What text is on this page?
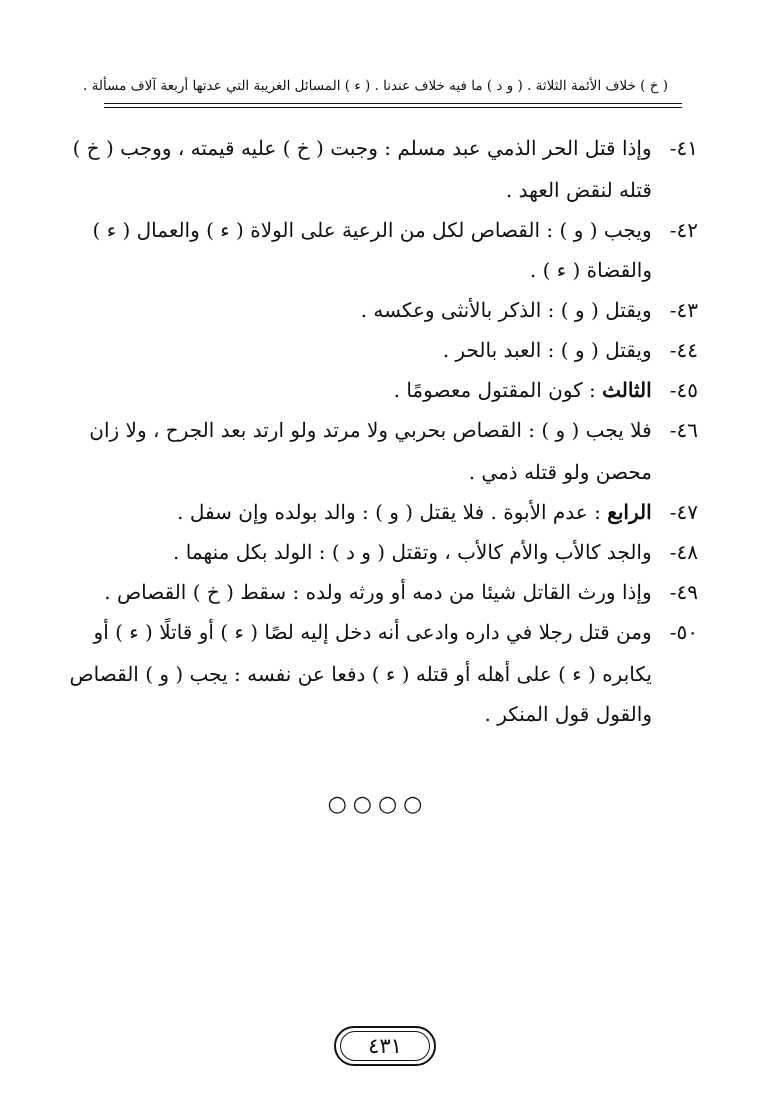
( خ ) خلاف الأئمة الثلاثة . ( و د ) ما فيه خلاف عندنا . ( ء ) المسائل الغريبة التي عدتها أربعة آلاف مسألة .
٤١- وإذا قتل الحر الذمي عبد مسلم : وجبت ( خ ) عليه قيمته ، ووجب ( خ )
قتله لنقض العهد .
٤٢- ويجب ( و ) : القصاص لكل من الرعية على الولاة ( ء ) والعمال ( ء )
والقضاة ( ء ) .
٤٣- ويقتل ( و ) : الذكر بالأنثى وعكسه .
٤٤- ويقتل ( و ) : العبد بالحر .
٤٥- الثالث : كون المقتول معصومًا .
٤٦- فلا يجب ( و ) : القصاص بحربي ولا مرتد ولو ارتد بعد الجرح ، ولا زان
محصن ولو قتله ذمي .
٤٧- الرابع : عدم الأبوة . فلا يقتل ( و ) : والد بولده وإن سفل .
٤٨- والجد كالأب والأم كالأب ، وتقتل ( و د ) : الولد بكل منهما .
٤٩- وإذا ورث القاتل شيئا من دمه أو ورثه ولده : سقط ( خ ) القصاص .
٥٠- ومن قتل رجلا في داره وادعى أنه دخل إليه لصًا ( ء ) أو قاتلًا ( ء ) أو
يكابره ( ء ) على أهله أو قتله ( ء ) دفعا عن نفسه : يجب ( و ) القصاص
والقول قول المنكر .
○○○○
٤٣١
